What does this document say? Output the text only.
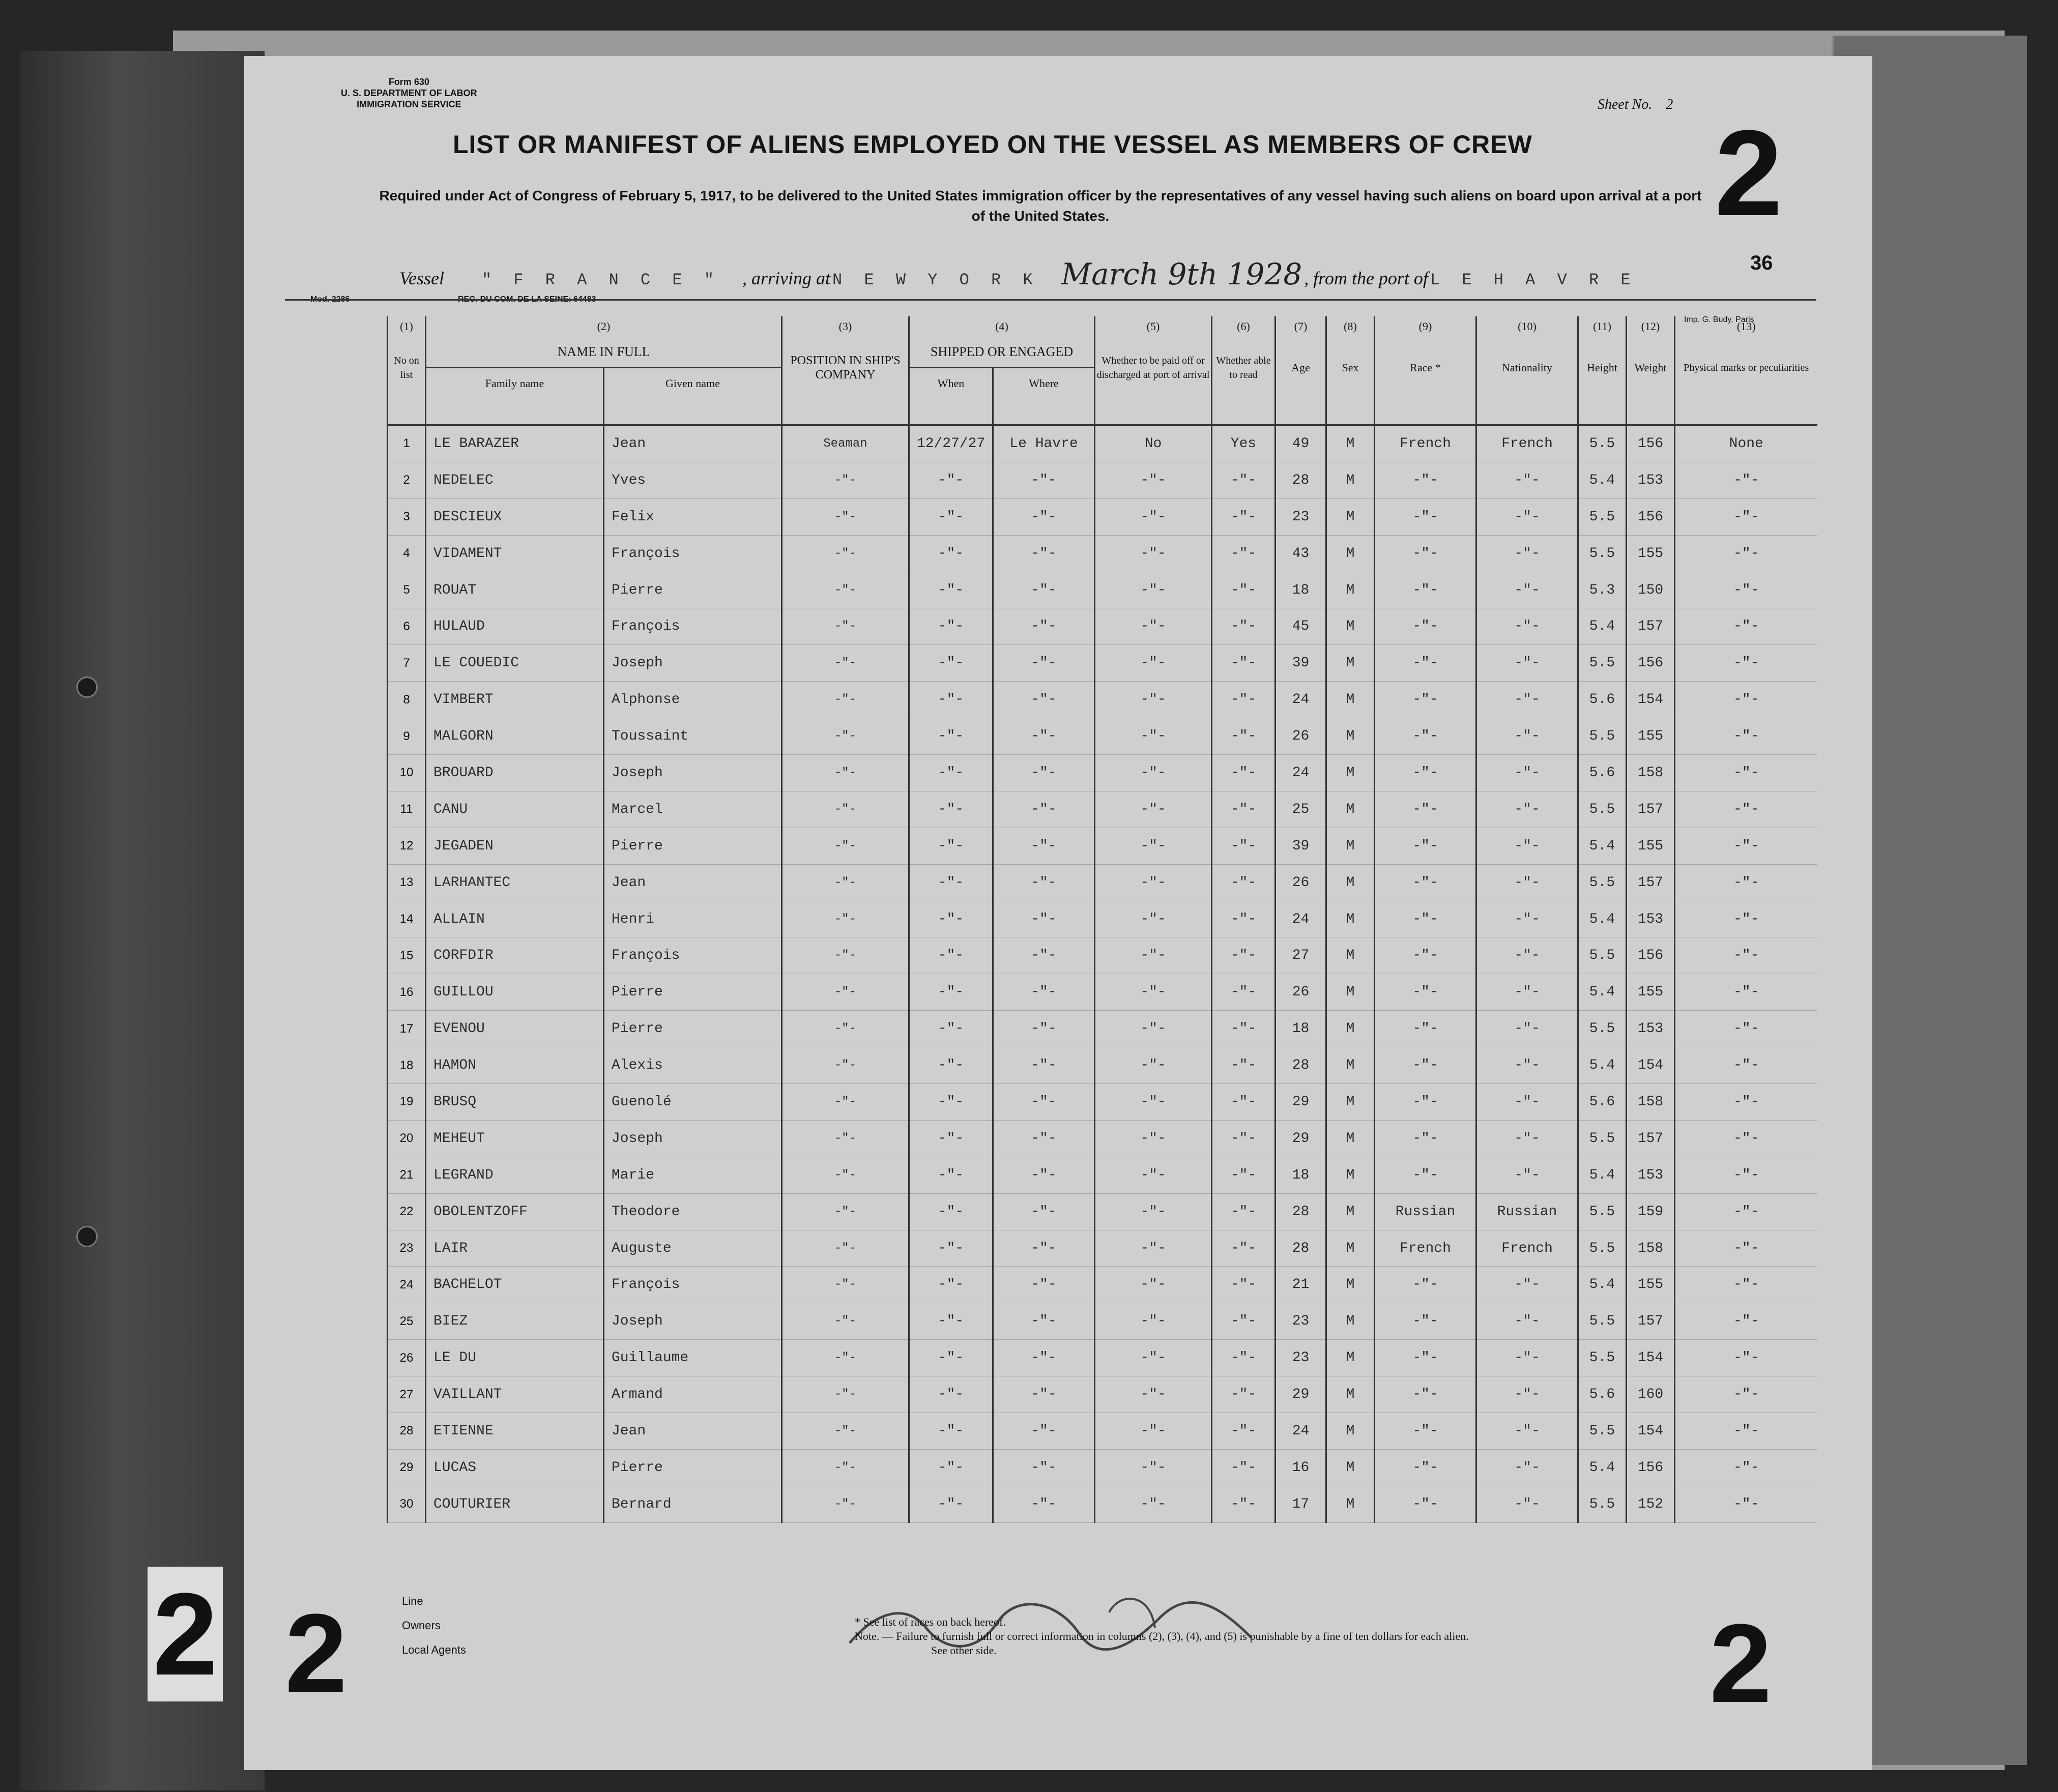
2
Form 630
U. S. DEPARTMENT OF LABOR
IMMIGRATION SERVICE	Sheet No. 2
LIST OR MANIFEST OF ALIENS EMPLOYED ON THE VESSEL AS MEMBERS OF CREW 2
Required under Act of Congress of February 5, 1917, to be delivered to the United States immigration officer by the representatives of any vessel having such aliens on board upon arrival at a port of the United States.
36
Vessel " F R A N C E " , arriving at N E W Y O R K March 9th 1928 , from the port of L E H A V R E
Mod. 2286	REG. DU COM. DE LA SEINE: 64483
Imp. G. Budy, Paris
(1)	(2)		(3)	(4)		(5)	(6)	(7)	(8)	(9)	(10)	(11)	(12)	(13)
No on list	NAME IN FULL		POSITION IN SHIP'S COMPANY	SHIPPED OR ENGAGED		Whether to be paid off or discharged at port of arrival	Whether able to read	Age	Sex	Race *	Nationality	Height	Weight	Physical marks or peculiarities
	Family name	Given name		When	Where									

1	LE BARAZER	Jean	Seaman	12/27/27	Le Havre	No	Yes	49	M	French	French	5.5	156	None
2	NEDELEC	Yves	-"-	-"-	-"-	-"-	-"-	28	M	-"-	-"-	5.4	153	-"-
3	DESCIEUX	Felix	-"-	-"-	-"-	-"-	-"-	23	M	-"-	-"-	5.5	156	-"-
4	VIDAMENT	François	-"-	-"-	-"-	-"-	-"-	43	M	-"-	-"-	5.5	155	-"-
5	ROUAT	Pierre	-"-	-"-	-"-	-"-	-"-	18	M	-"-	-"-	5.3	150	-"-
6	HULAUD	François	-"-	-"-	-"-	-"-	-"-	45	M	-"-	-"-	5.4	157	-"-
7	LE COUEDIC	Joseph	-"-	-"-	-"-	-"-	-"-	39	M	-"-	-"-	5.5	156	-"-
8	VIMBERT	Alphonse	-"-	-"-	-"-	-"-	-"-	24	M	-"-	-"-	5.6	154	-"-
9	MALGORN	Toussaint	-"-	-"-	-"-	-"-	-"-	26	M	-"-	-"-	5.5	155	-"-
10	BROUARD	Joseph	-"-	-"-	-"-	-"-	-"-	24	M	-"-	-"-	5.6	158	-"-
11	CANU	Marcel	-"-	-"-	-"-	-"-	-"-	25	M	-"-	-"-	5.5	157	-"-
12	JEGADEN	Pierre	-"-	-"-	-"-	-"-	-"-	39	M	-"-	-"-	5.4	155	-"-
13	LARHANTEC	Jean	-"-	-"-	-"-	-"-	-"-	26	M	-"-	-"-	5.5	157	-"-
14	ALLAIN	Henri	-"-	-"-	-"-	-"-	-"-	24	M	-"-	-"-	5.4	153	-"-
15	CORFDIR	François	-"-	-"-	-"-	-"-	-"-	27	M	-"-	-"-	5.5	156	-"-
16	GUILLOU	Pierre	-"-	-"-	-"-	-"-	-"-	26	M	-"-	-"-	5.4	155	-"-
17	EVENOU	Pierre	-"-	-"-	-"-	-"-	-"-	18	M	-"-	-"-	5.5	153	-"-
18	HAMON	Alexis	-"-	-"-	-"-	-"-	-"-	28	M	-"-	-"-	5.4	154	-"-
19	BRUSQ	Guenolé	-"-	-"-	-"-	-"-	-"-	29	M	-"-	-"-	5.6	158	-"-
20	MEHEUT	Joseph	-"-	-"-	-"-	-"-	-"-	29	M	-"-	-"-	5.5	157	-"-
21	LEGRAND	Marie	-"-	-"-	-"-	-"-	-"-	18	M	-"-	-"-	5.4	153	-"-
22	OBOLENTZOFF	Theodore	-"-	-"-	-"-	-"-	-"-	28	M	Russian	Russian	5.5	159	-"-
23	LAIR	Auguste	-"-	-"-	-"-	-"-	-"-	28	M	French	French	5.5	158	-"-
24	BACHELOT	François	-"-	-"-	-"-	-"-	-"-	21	M	-"-	-"-	5.4	155	-"-
25	BIEZ	Joseph	-"-	-"-	-"-	-"-	-"-	23	M	-"-	-"-	5.5	157	-"-
26	LE DU	Guillaume	-"-	-"-	-"-	-"-	-"-	23	M	-"-	-"-	5.5	154	-"-
27	VAILLANT	Armand	-"-	-"-	-"-	-"-	-"-	29	M	-"-	-"-	5.6	160	-"-
28	ETIENNE	Jean	-"-	-"-	-"-	-"-	-"-	24	M	-"-	-"-	5.5	154	-"-
29	LUCAS	Pierre	-"-	-"-	-"-	-"-	-"-	16	M	-"-	-"-	5.4	156	-"-
30	COUTURIER	Bernard	-"-	-"-	-"-	-"-	-"-	17	M	-"-	-"-	5.5	152	-"-
Line
Owners
Local Agents
* See list of races on back hereof.
Note. — Failure to furnish full or correct information in columns (2), (3), (4), and (5) is punishable by a fine of ten dollars for each alien.
See other side.
2	2
